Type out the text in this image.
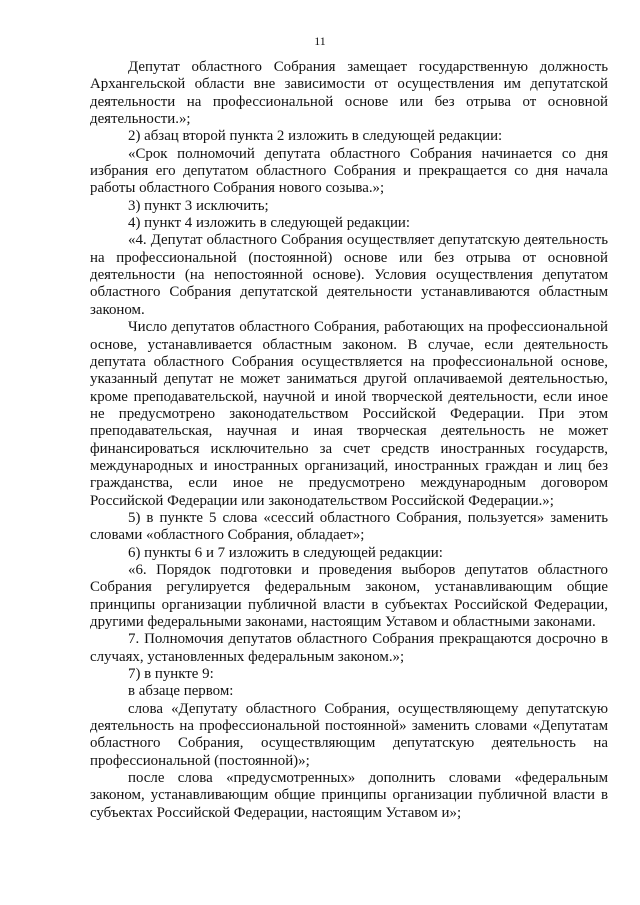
11

Депутат областного Собрания замещает государственную должность Архангельской области вне зависимости от осуществления им депутатской деятельности на профессиональной основе или без отрыва от основной деятельности.»;

2) абзац второй пункта 2 изложить в следующей редакции:

«Срок полномочий депутата областного Собрания начинается со дня избрания его депутатом областного Собрания и прекращается со дня начала работы областного Собрания нового созыва.»;

3) пункт 3 исключить;

4) пункт 4 изложить в следующей редакции:

«4. Депутат областного Собрания осуществляет депутатскую деятельность на профессиональной (постоянной) основе или без отрыва от основной деятельности (на непостоянной основе). Условия осуществления депутатом областного Собрания депутатской деятельности устанавливаются областным законом.

Число депутатов областного Собрания, работающих на профессиональной основе, устанавливается областным законом. В случае, если деятельность депутата областного Собрания осуществляется на профессиональной основе, указанный депутат не может заниматься другой оплачиваемой деятельностью, кроме преподавательской, научной и иной творческой деятельности, если иное не предусмотрено законодательством Российской Федерации. При этом преподавательская, научная и иная творческая деятельность не может финансироваться исключительно за счет средств иностранных государств, международных и иностранных организаций, иностранных граждан и лиц без гражданства, если иное не предусмотрено международным договором Российской Федерации или законодательством Российской Федерации.»;

5) в пункте 5 слова «сессий областного Собрания, пользуется» заменить словами «областного Собрания, обладает»;

6) пункты 6 и 7 изложить в следующей редакции:

«6. Порядок подготовки и проведения выборов депутатов областного Собрания регулируется федеральным законом, устанавливающим общие принципы организации публичной власти в субъектах Российской Федерации, другими федеральными законами, настоящим Уставом и областными законами.

7. Полномочия депутатов областного Собрания прекращаются досрочно в случаях, установленных федеральным законом.»;

7) в пункте 9:

в абзаце первом:

слова «Депутату областного Собрания, осуществляющему депутатскую деятельность на профессиональной постоянной» заменить словами «Депутатам областного Собрания, осуществляющим депутатскую деятельность на профессиональной (постоянной)»;

после слова «предусмотренных» дополнить словами «федеральным законом, устанавливающим общие принципы организации публичной власти в субъектах Российской Федерации, настоящим Уставом и»;
